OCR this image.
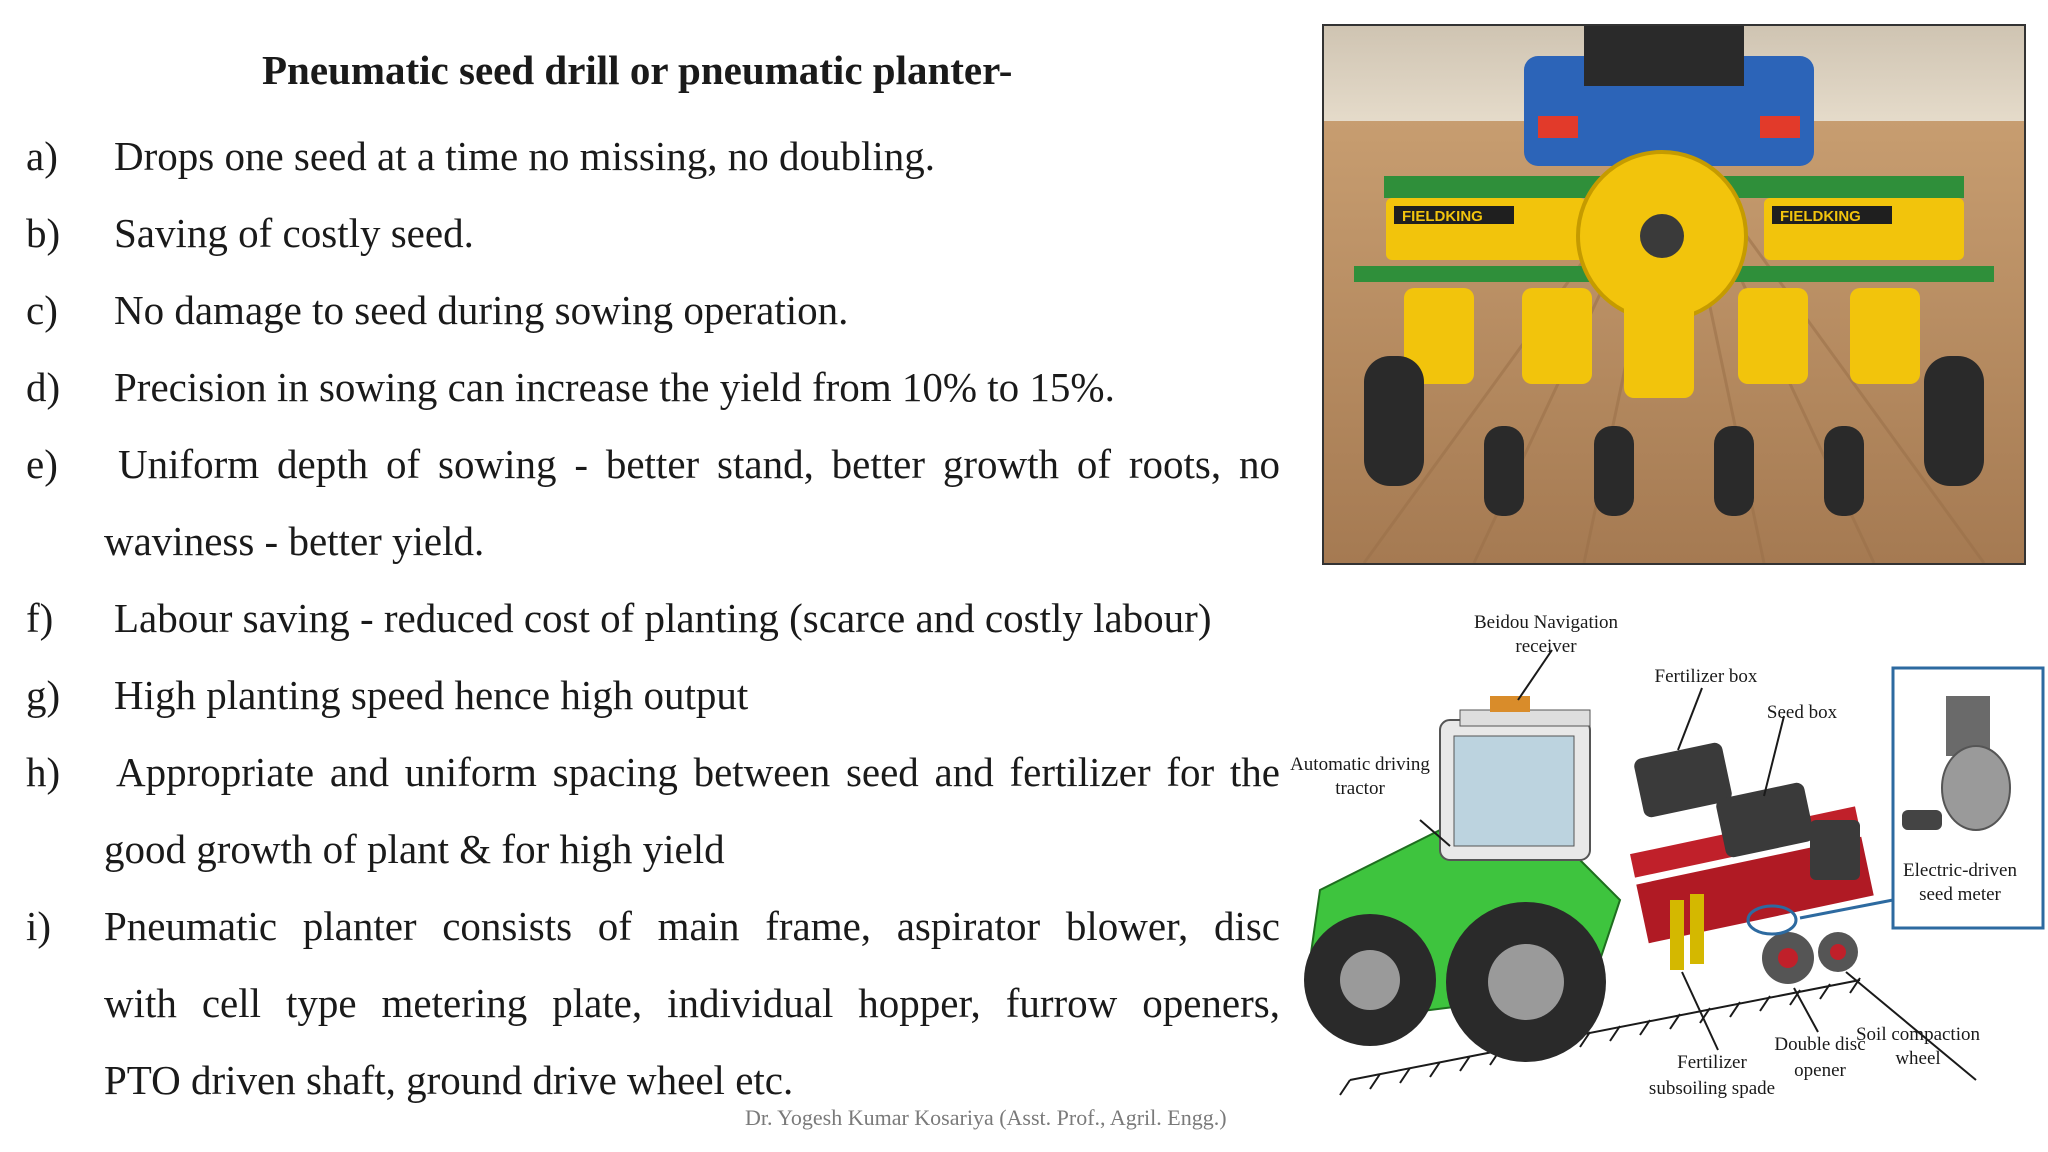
Pneumatic seed drill or pneumatic planter-
a) Drops one seed at a time no missing, no doubling.
b) Saving of costly seed.
c) No damage to seed during sowing operation.
d) Precision in sowing can increase the yield from 10% to 15%.
e) Uniform depth of sowing - better stand, better growth of roots, no
waviness - better yield.
f) Labour saving - reduced cost of planting (scarce and costly labour)
g) High planting speed hence high output
h) Appropriate and uniform spacing between seed and fertilizer for the
good growth of plant & for high yield
i) Pneumatic planter consists of main frame, aspirator blower, disc
with cell type metering plate, individual hopper, furrow openers,
PTO driven shaft, ground drive wheel etc.
Dr. Yogesh Kumar Kosariya (Asst. Prof., Agril. Engg.)
FIELDKING	FIELDKING
Beidou Navigation
receiver
Fertilizer box
Seed box
Automatic driving
tractor
Electric-driven
seed meter
Soil compaction
wheel
Double disc
opener
Fertilizer
subsoiling spade
